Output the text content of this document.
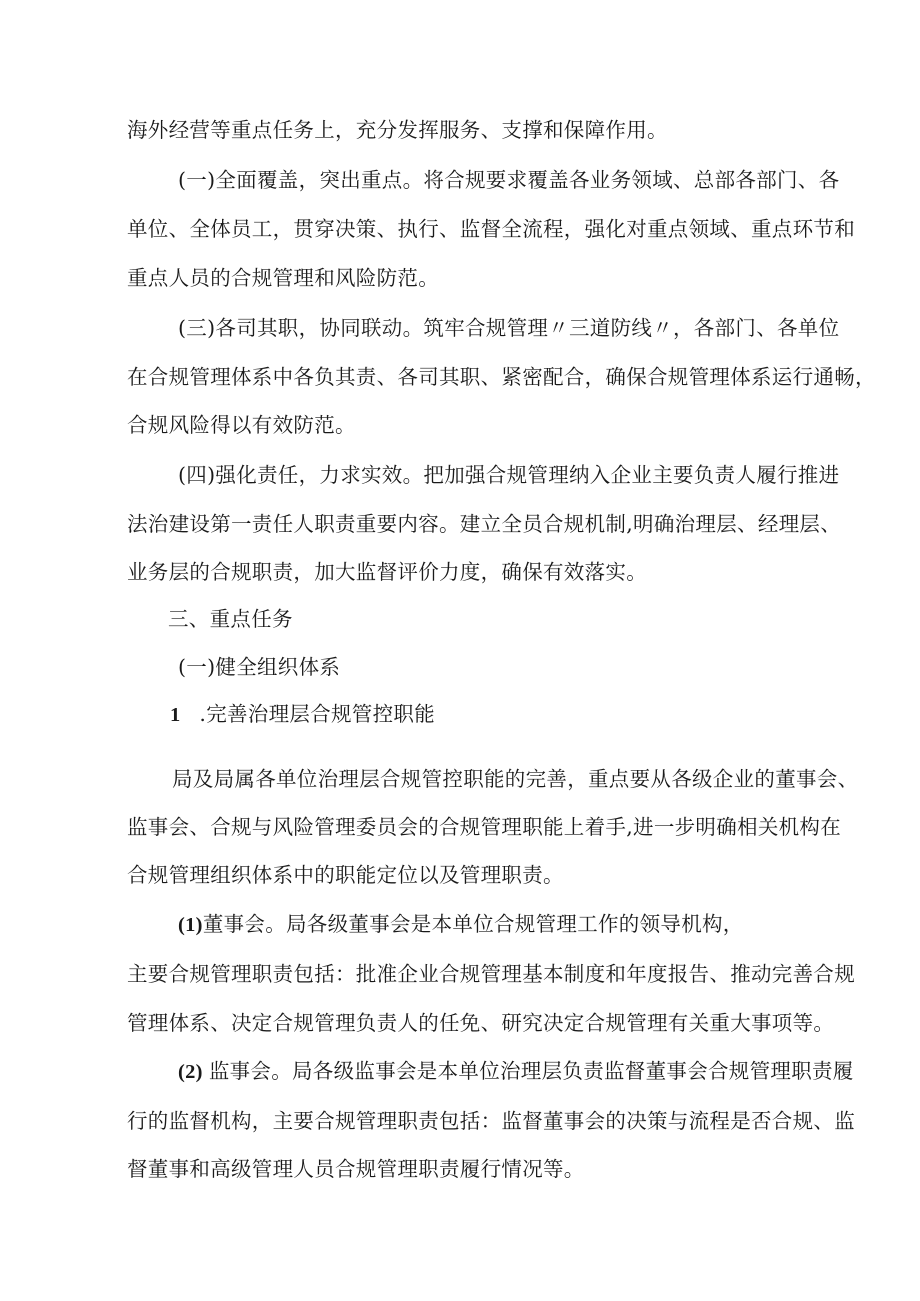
海外经营等重点任务上，充分发挥服务、支撑和保障作用。
(一)全面覆盖，突出重点。将合规要求覆盖各业务领域、总部各部门、各
单位、全体员工，贯穿决策、执行、监督全流程，强化对重点领域、重点环节和
重点人员的合规管理和风险防范。
(三)各司其职，协同联动。筑牢合规管理〃三道防线〃，各部门、各单位
在合规管理体系中各负其责、各司其职、紧密配合，确保合规管理体系运行通畅，
合规风险得以有效防范。
(四)强化责任，力求实效。把加强合规管理纳入企业主要负责人履行推进
法治建设第一责任人职责重要内容。建立全员合规机制,明确治理层、经理层、
业务层的合规职责，加大监督评价力度，确保有效落实。
三、重点任务
(一)健全组织体系
1 .完善治理层合规管控职能
局及局属各单位治理层合规管控职能的完善，重点要从各级企业的董事会、
监事会、合规与风险管理委员会的合规管理职能上着手,进一步明确相关机构在
合规管理组织体系中的职能定位以及管理职责。
(1)董事会。局各级董事会是本单位合规管理工作的领导机构，
主要合规管理职责包括：批准企业合规管理基本制度和年度报告、推动完善合规
管理体系、决定合规管理负责人的任免、研究决定合规管理有关重大事项等。
(2) 监事会。局各级监事会是本单位治理层负责监督董事会合规管理职责履
行的监督机构，主要合规管理职责包括：监督董事会的决策与流程是否合规、监
督董事和高级管理人员合规管理职责履行情况等。
